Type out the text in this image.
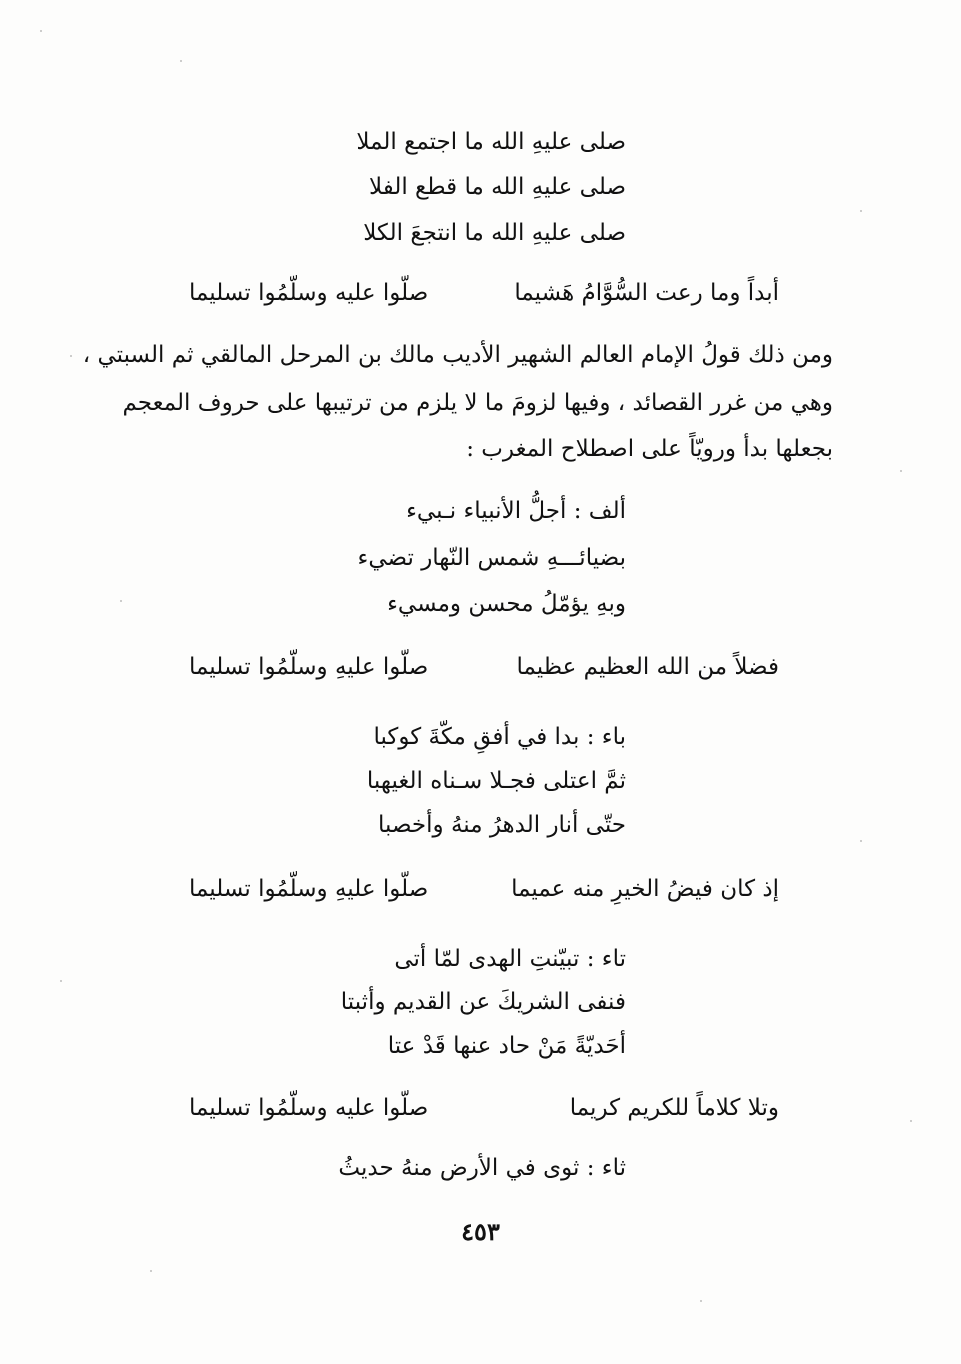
صلى عليهِ الله ما اجتمع الملا
صلى عليهِ الله ما قطع الفلا
صلى عليهِ الله ما انتجعَ الكلا
أبداً وما رعت السُّوَّامُ هَشيما
صلّوا عليه وسلّمُوا تسليما
ومن ذلك قولُ الإمام العالم الشهير الأديب مالك بن المرحل المالقي ثم السبتي ،
وهي من غرر القصائد ، وفيها لزومَ ما لا يلزم من ترتيبها على حروف المعجم
بجعلها بدأ ورويّاً على اصطلاح المغرب :
ألف : أجلُّ الأنبياء نـبيء
بضيائـــهِ شمس النّهار تضيء
وبهِ يؤمّلُ محسن ومسيء
فضلاً من الله العظيم عظيما
صلّوا عليهِ وسلّمُوا تسليما
باء : بدا في أفقِ مكّةَ كوكبا
ثمَّ اعتلى فجـلا سـناه الغيهبا
حتّى أنار الدهرُ منهُ وأخصبا
إذ كان فيضُ الخيرِ منه عميما
صلّوا عليهِ وسلّمُوا تسليما
تاء : تبيّنتِ الهدى لمّا أتى
فنفى الشريكَ عن القديم وأثبتا
أحَديّةً مَنْ حاد عنها قَدْ عتا
وتلا كلاماً للكريم كريما
صلّوا عليه وسلّمُوا تسليما
ثاء : ثوى في الأرض منهُ حديثُ
٤٥٣
